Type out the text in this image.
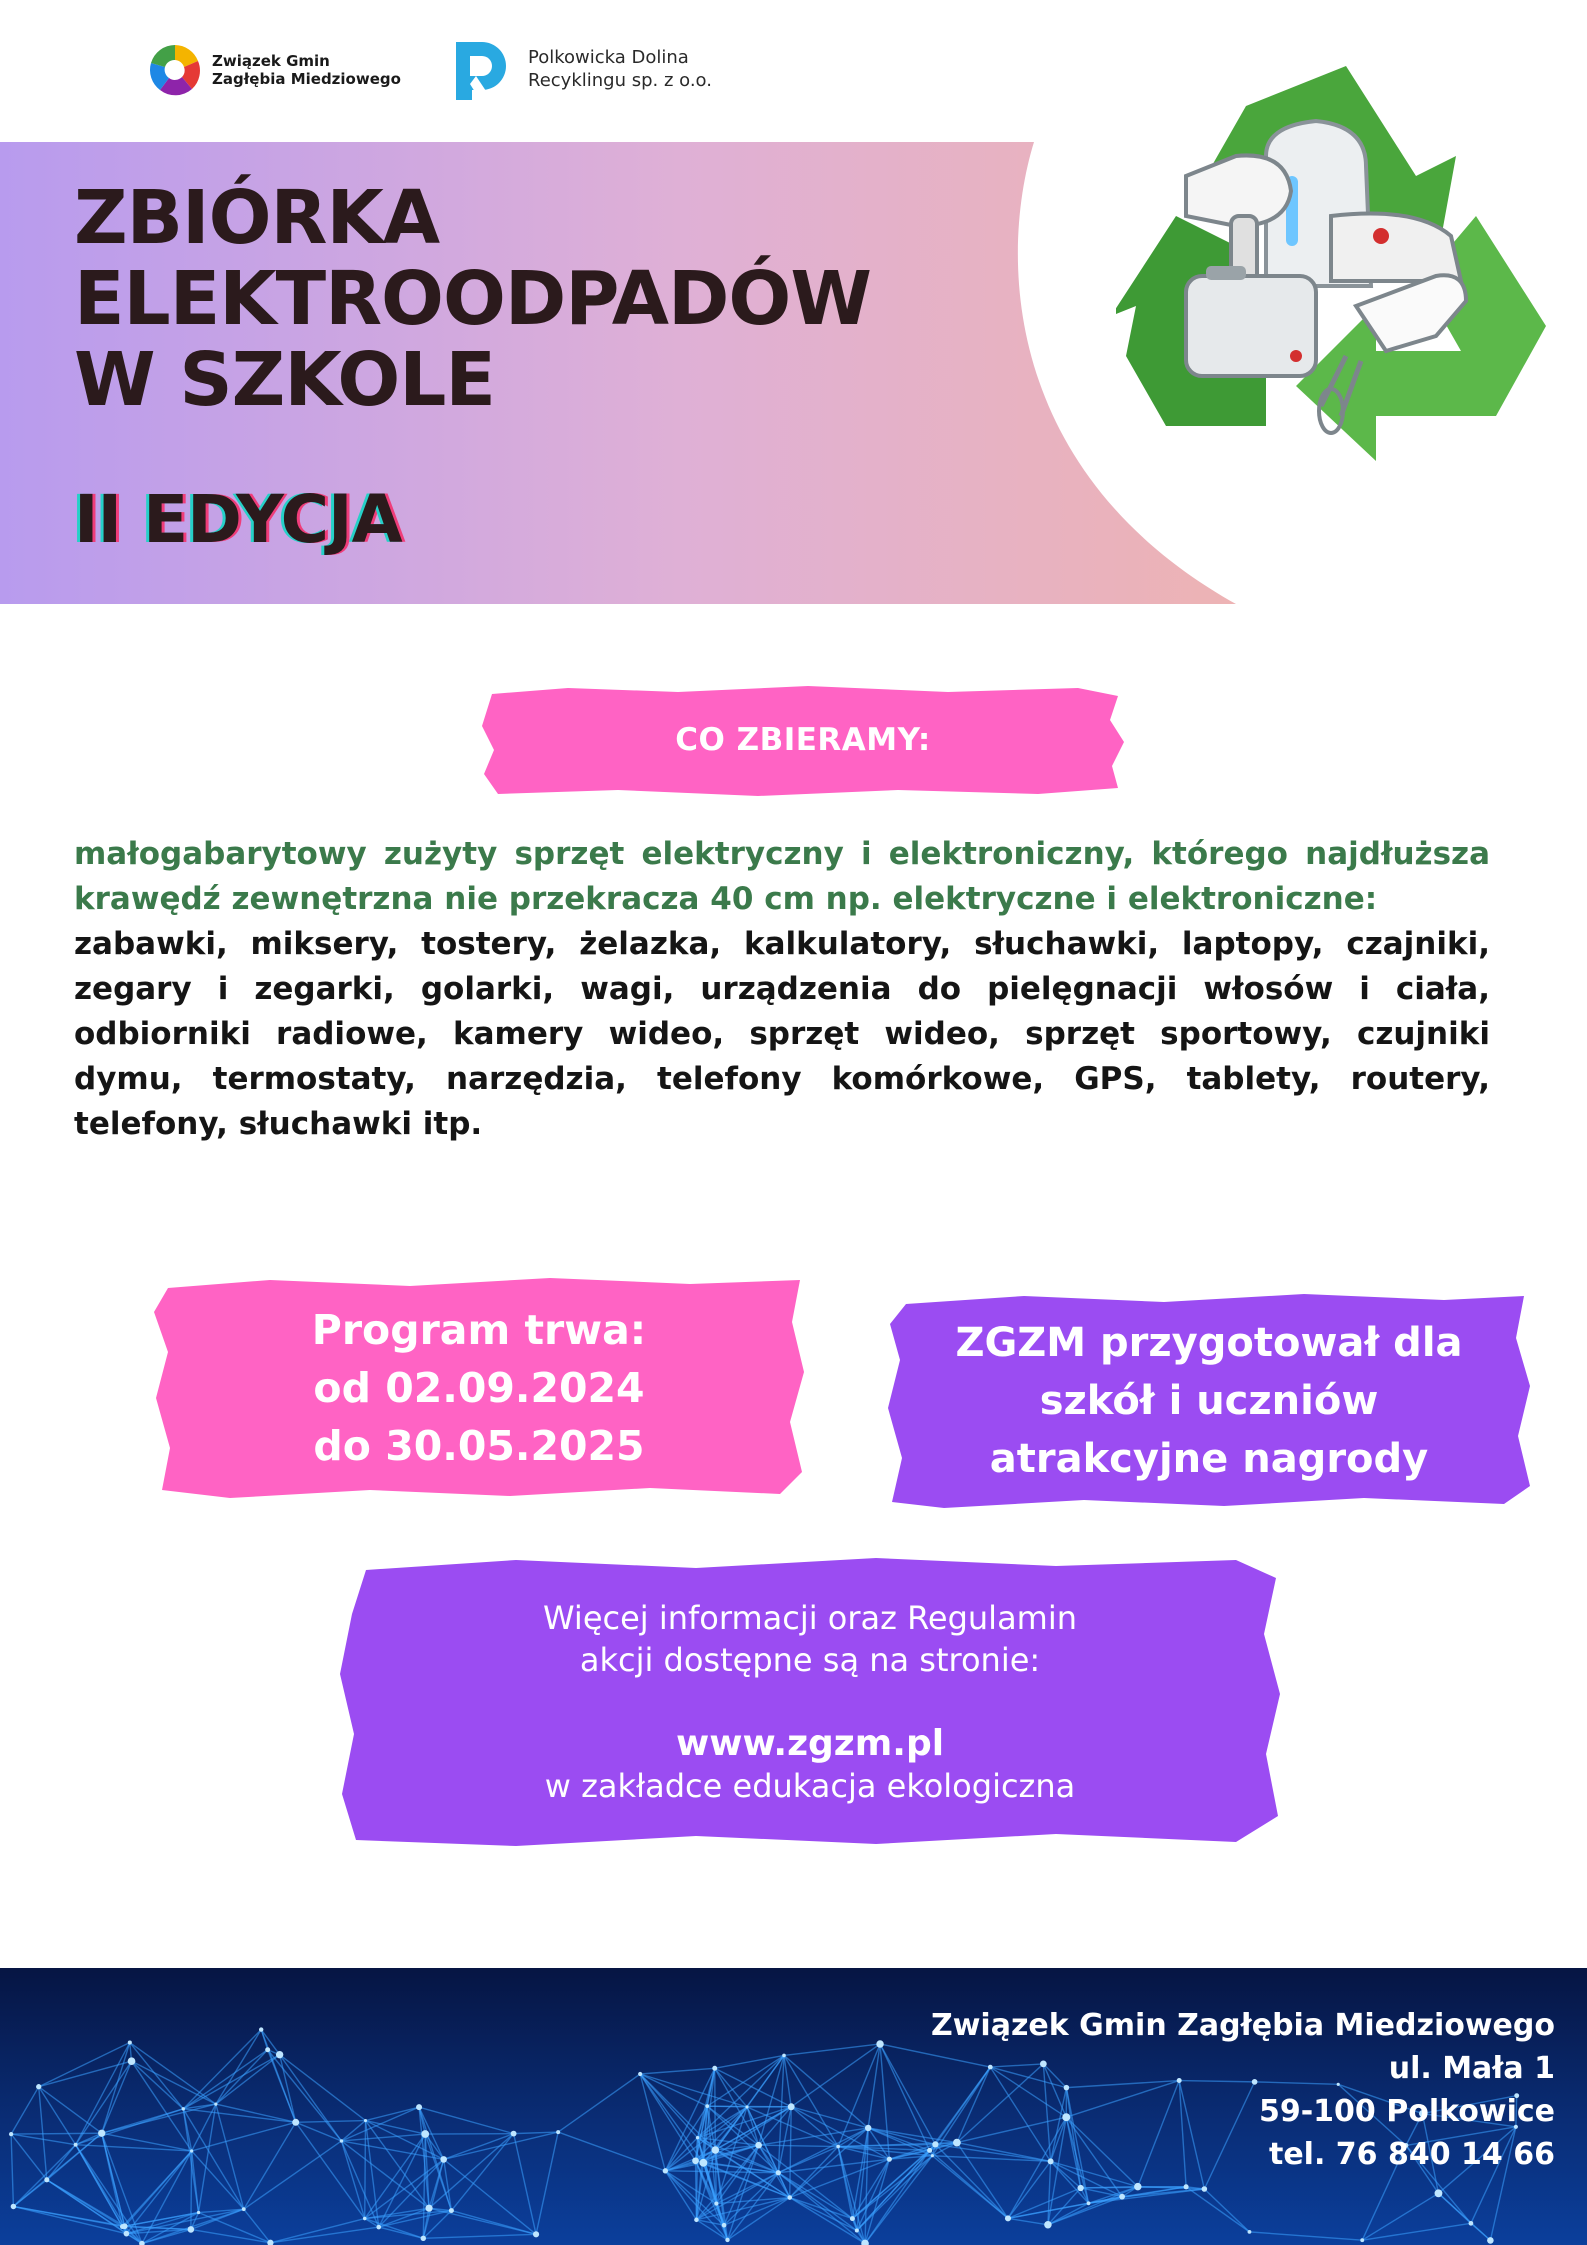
Związek Gmin
Zagłębia Miedziowego
Polkowicka Dolina
Recyklingu sp. z o.o.
ZBIÓRKA
ELEKTROODPADÓW
W SZKOLE
II EDYCJA
CO ZBIERAMY:
małogabarytowy zużyty sprzęt elektryczny i elektroniczny, którego najdłuższa krawędź zewnętrzna nie przekracza 40 cm np. elektryczne i elektroniczne:
zabawki, miksery, tostery, żelazka, kalkulatory, słuchawki, laptopy, czajniki, zegary i zegarki, golarki, wagi, urządzenia do pielęgnacji włosów i ciała, odbiorniki radiowe, kamery wideo, sprzęt wideo, sprzęt sportowy, czujniki dymu, termostaty, narzędzia, telefony komórkowe, GPS, tablety, routery, telefony, słuchawki itp.
Program trwa:
od 02.09.2024
do 30.05.2025
ZGZM przygotował dla
szkół i uczniów
atrakcyjne nagrody
Więcej informacji oraz Regulamin
akcji dostępne są na stronie:
www.zgzm.pl
w zakładce edukacja ekologiczna
Związek Gmin Zagłębia Miedziowego
ul. Mała 1
59-100 Polkowice
tel. 76 840 14 66
